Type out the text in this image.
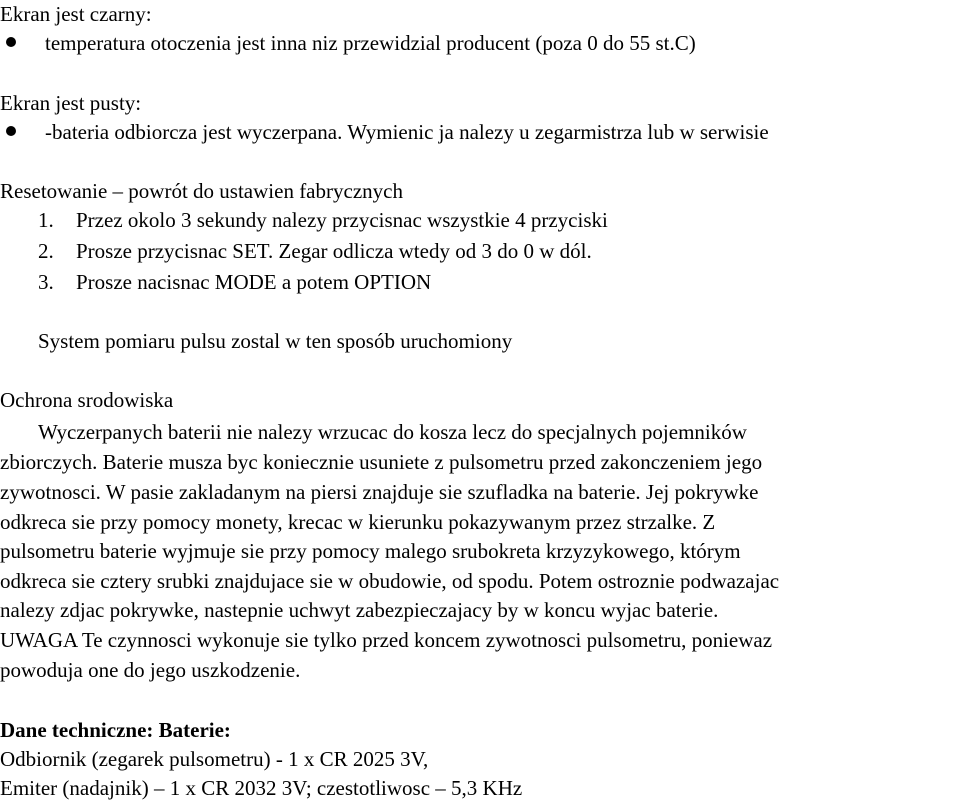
Ekran jest czarny:
temperatura otoczenia jest inna niz przewidzial producent (poza 0 do 55 st.C)
Ekran jest pusty:
-bateria odbiorcza jest wyczerpana. Wymienic ja nalezy u zegarmistrza lub w serwisie
Resetowanie – powrót do ustawien fabrycznych
1. Przez okolo 3 sekundy nalezy przycisnac wszystkie 4 przyciski
2. Prosze przycisnac SET. Zegar odlicza wtedy od 3 do 0 w dól.
3. Prosze nacisnac MODE a potem OPTION
System pomiaru pulsu zostal w ten sposób uruchomiony
Ochrona srodowiska
Wyczerpanych baterii nie nalezy wrzucac do kosza lecz do specjalnych pojemników
zbiorczych. Baterie musza byc koniecznie usuniete z pulsometru przed zakonczeniem jego
zywotnosci. W pasie zakladanym na piersi znajduje sie szufladka na baterie. Jej pokrywke
odkreca sie przy pomocy monety, krecac w kierunku pokazywanym przez strzalke. Z
pulsometru baterie wyjmuje sie przy pomocy malego srubokreta krzyzykowego, którym
odkreca sie cztery srubki znajdujace sie w obudowie, od spodu. Potem ostroznie podwazajac
nalezy zdjac pokrywke, nastepnie uchwyt zabezpieczajacy by w koncu wyjac baterie.
UWAGA Te czynnosci wykonuje sie tylko przed koncem zywotnosci pulsometru, poniewaz
powoduja one do jego uszkodzenie.
Dane techniczne: Baterie:
Odbiornik (zegarek pulsometru) - 1 x CR 2025 3V,
Emiter (nadajnik) – 1 x CR 2032 3V; czestotliwosc – 5,3 KHz
